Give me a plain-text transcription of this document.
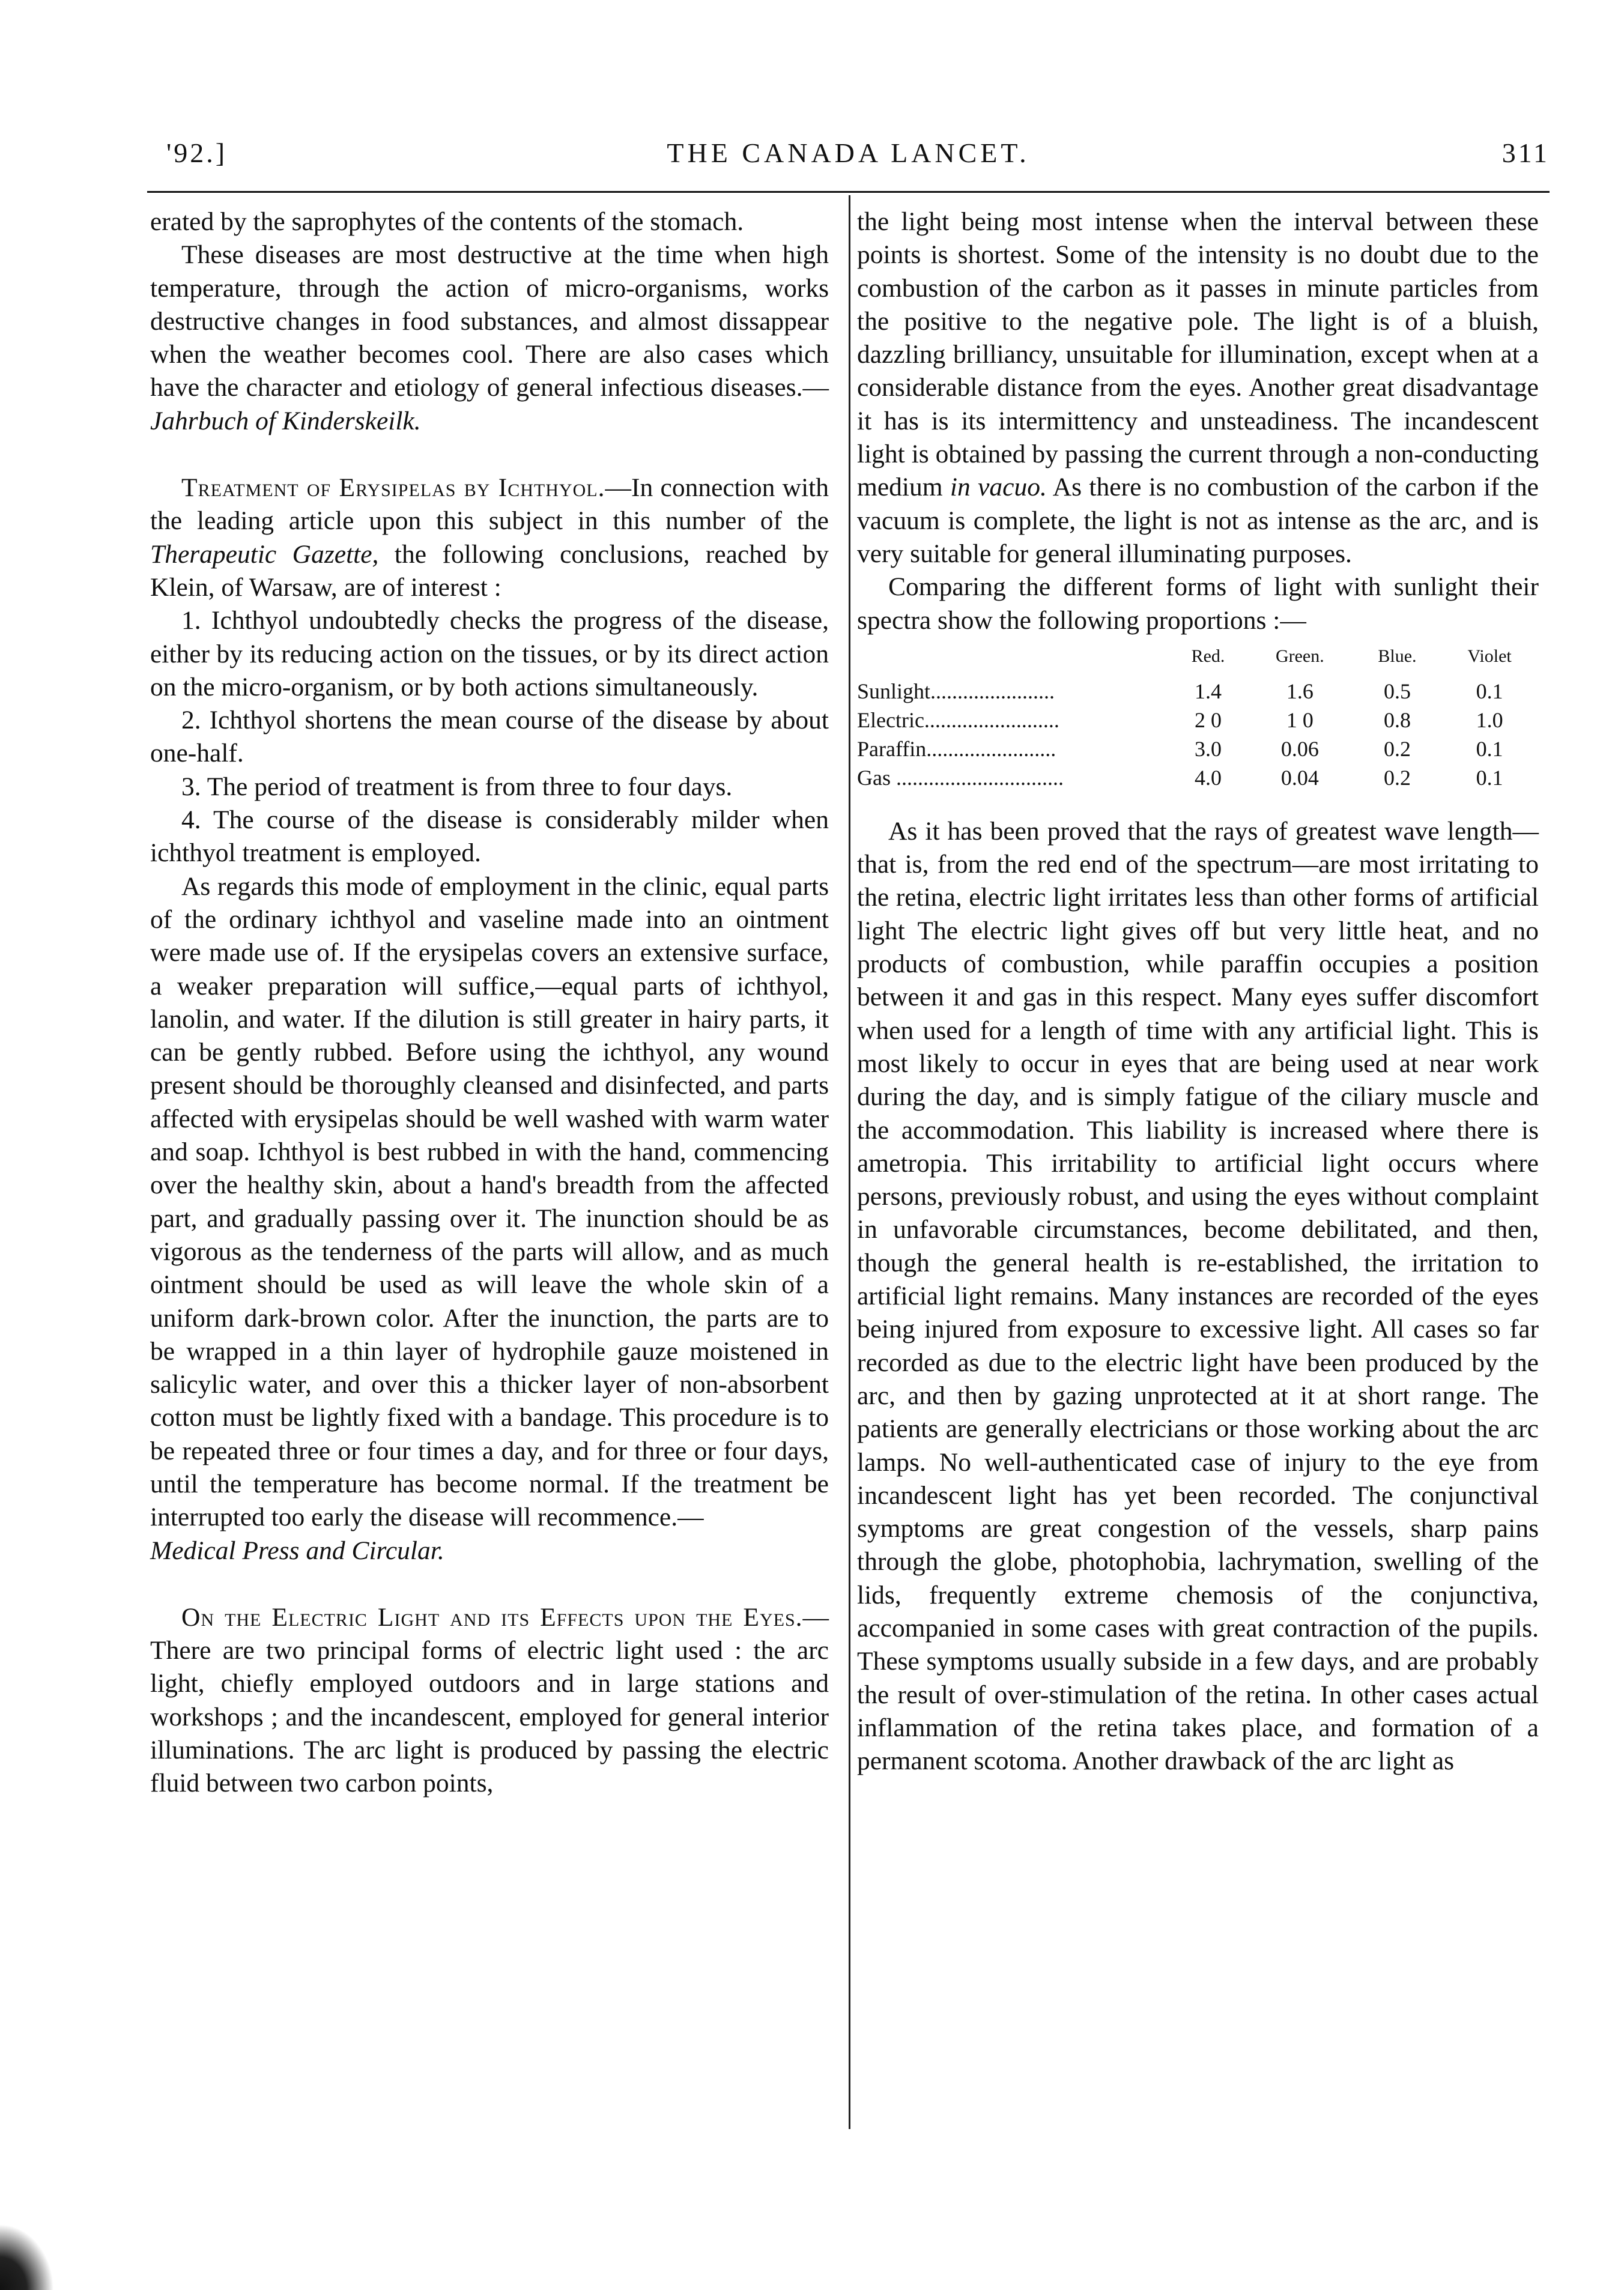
'92.]	THE CANADA LANCET.	311

erated by the saprophytes of the contents of the stomach.

These diseases are most destructive at the time when high temperature, through the action of micro-organisms, works destructive changes in food substances, and almost dissappear when the weather becomes cool. There are also cases which have the character and etiology of general infectious diseases.—Jahrbuch of Kinderskeilk.

Treatment of Erysipelas by Ichthyol.—In connection with the leading article upon this subject in this number of the Therapeutic Gazette, the following conclusions, reached by Klein, of Warsaw, are of interest :

1. Ichthyol undoubtedly checks the progress of the disease, either by its reducing action on the tissues, or by its direct action on the micro-organism, or by both actions simultaneously.

2. Ichthyol shortens the mean course of the disease by about one-half.

3. The period of treatment is from three to four days.

4. The course of the disease is considerably milder when ichthyol treatment is employed.

As regards this mode of employment in the clinic, equal parts of the ordinary ichthyol and vaseline made into an ointment were made use of. If the erysipelas covers an extensive surface, a weaker preparation will suffice,—equal parts of ichthyol, lanolin, and water. If the dilution is still greater in hairy parts, it can be gently rubbed. Before using the ichthyol, any wound present should be thoroughly cleansed and disinfected, and parts affected with erysipelas should be well washed with warm water and soap. Ichthyol is best rubbed in with the hand, commencing over the healthy skin, about a hand's breadth from the affected part, and gradually passing over it. The inunction should be as vigorous as the tenderness of the parts will allow, and as much ointment should be used as will leave the whole skin of a uniform dark-brown color. After the inunction, the parts are to be wrapped in a thin layer of hydrophile gauze moistened in salicylic water, and over this a thicker layer of non-absorbent cotton must be lightly fixed with a bandage. This procedure is to be repeated three or four times a day, and for three or four days, until the temperature has become normal. If the treatment be interrupted too early the disease will recommence.—

Medical Press and Circular.

On the Electric Light and its Effects upon the Eyes.—There are two principal forms of electric light used : the arc light, chiefly employed outdoors and in large stations and workshops ; and the incandescent, employed for general interior illuminations. The arc light is produced by passing the electric fluid between two carbon points,

the light being most intense when the interval between these points is shortest. Some of the intensity is no doubt due to the combustion of the carbon as it passes in minute particles from the positive to the negative pole. The light is of a bluish, dazzling brilliancy, unsuitable for illumination, except when at a considerable distance from the eyes. Another great disadvantage it has is its intermittency and unsteadiness. The incandescent light is obtained by passing the current through a non-conducting medium in vacuo. As there is no combustion of the carbon if the vacuum is complete, the light is not as intense as the arc, and is very suitable for general illuminating purposes.

Comparing the different forms of light with sunlight their spectra show the following proportions :—

	Red.	Green.	Blue.	Violet
Sunlight.......................	1.4	1.6	0.5	0.1
Electric.........................	2 0	1 0	0.8	1.0
Paraffin........................	3.0	0.06	0.2	0.1
Gas ...............................	4.0	0.04	0.2	0.1

As it has been proved that the rays of greatest wave length—that is, from the red end of the spectrum—are most irritating to the retina, electric light irritates less than other forms of artificial light The electric light gives off but very little heat, and no products of combustion, while paraffin occupies a position between it and gas in this respect. Many eyes suffer discomfort when used for a length of time with any artificial light. This is most likely to occur in eyes that are being used at near work during the day, and is simply fatigue of the ciliary muscle and the accommodation. This liability is increased where there is ametropia. This irritability to artificial light occurs where persons, previously robust, and using the eyes without complaint in unfavorable circumstances, become debilitated, and then, though the general health is re-established, the irritation to artificial light remains. Many instances are recorded of the eyes being injured from exposure to excessive light. All cases so far recorded as due to the electric light have been produced by the arc, and then by gazing unprotected at it at short range. The patients are generally electricians or those working about the arc lamps. No well-authenticated case of injury to the eye from incandescent light has yet been recorded. The conjunctival symptoms are great congestion of the vessels, sharp pains through the globe, photophobia, lachrymation, swelling of the lids, frequently extreme chemosis of the conjunctiva, accompanied in some cases with great contraction of the pupils. These symptoms usually subside in a few days, and are probably the result of over-stimulation of the retina. In other cases actual inflammation of the retina takes place, and formation of a permanent scotoma. Another drawback of the arc light as
